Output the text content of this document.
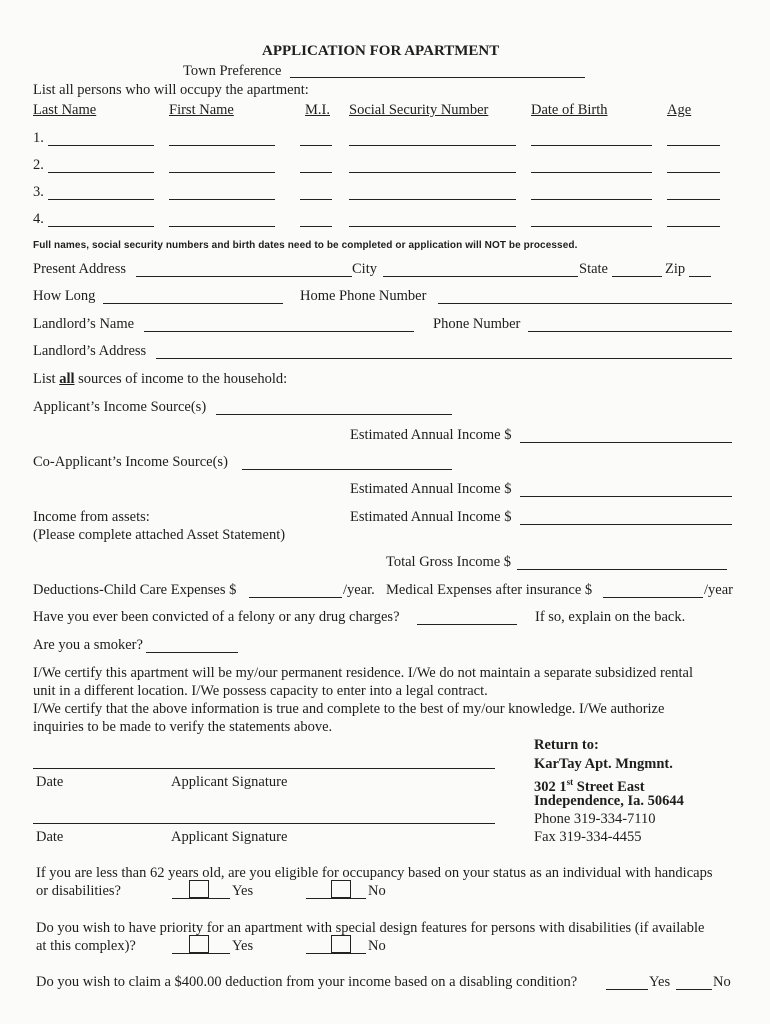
APPLICATION FOR APARTMENT
Town Preference
List all persons who will occupy the apartment:
Last Name	First Name	M.I. Social Security Number	Date of Birth	Age
1.
2.
3.
4.
Full names, social security numbers and birth dates need to be completed or application will NOT be processed.
Present Address	City	State	Zip
How Long	Home Phone Number
Landlord’s Name	Phone Number
Landlord’s Address
List all sources of income to the household:
Applicant’s Income Source(s)
Estimated Annual Income $
Co-Applicant’s Income Source(s)
Estimated Annual Income $
Income from assets:	Estimated Annual Income $
(Please complete attached Asset Statement)
Total Gross Income $
Deductions-Child Care Expenses $	/year. Medical Expenses after insurance $	/year
Have you ever been convicted of a felony or any drug charges?	If so, explain on the back.
Are you a smoker?
I/We certify this apartment will be my/our permanent residence. I/We do not maintain a separate subsidized rental
unit in a different location. I/We possess capacity to enter into a legal contract.
I/We certify that the above information is true and complete to the best of my/our knowledge. I/We authorize
inquiries to be made to verify the statements above.
Date	Applicant Signature
Date	Applicant Signature
Return to:
KarTay Apt. Mngmnt.
302 1st Street East
Independence, Ia. 50644
Phone 319-334-7110
Fax 319-334-4455
If you are less than 62 years old, are you eligible for occupancy based on your status as an individual with handicaps
or disabilities?	Yes	No
Do you wish to have priority for an apartment with special design features for persons with disabilities (if available
at this complex)?	Yes	No
Do you wish to claim a $400.00 deduction from your income based on a disabling condition?	Yes	No
